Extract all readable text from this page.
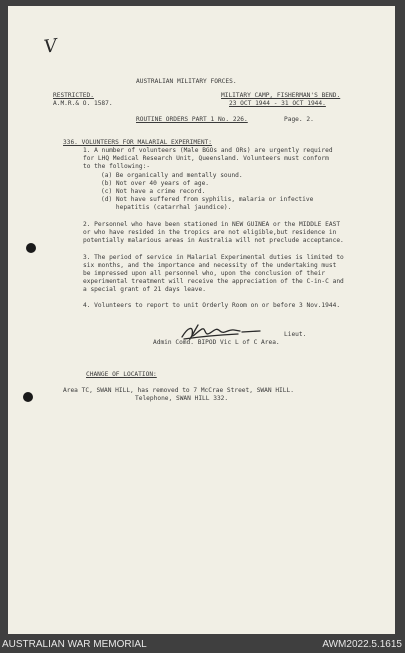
V
AUSTRALIAN MILITARY FORCES.
RESTRICTED.
A.M.R.& O. 1587.
MILITARY CAMP, FISHERMAN'S BEND.
23 OCT 1944 - 31 OCT 1944.
ROUTINE ORDERS PART 1 No. 226.	Page. 2.
336. VOLUNTEERS FOR MALARIAL EXPERIMENT:
1. A number of volunteers (Male BGOs and ORs) are urgently required
for LHQ Medical Research Unit, Queensland. Volunteers must conform
to the following:-
(a) Be organically and mentally sound.
(b) Not over 40 years of age.
(c) Not have a crime record.
(d) Not have suffered from syphilis, malaria or infective
hepatitis (catarrhal jaundice).
2. Personnel who have been stationed in NEW GUINEA or the MIDDLE EAST
or who have resided in the tropics are not eligible,but residence in
potentially malarious areas in Australia will not preclude acceptance.
3. The period of service in Malarial Experimental duties is limited to
six months, and the importance and necessity of the undertaking must
be impressed upon all personnel who, upon the conclusion of their
experimental treatment will receive the appreciation of the C-in-C and
a special grant of 21 days leave.
4. Volunteers to report to unit Orderly Room on or before 3 Nov.1944.
Lieut.
Admin Comd. BIPOD Vic L of C Area.
CHANGE OF LOCATION:
Area TC, SWAN HILL, has removed to 7 McCrae Street, SWAN HILL.
Telephone, SWAN HILL 332.
AUSTRALIAN WAR MEMORIAL	AWM2022.5.1615
